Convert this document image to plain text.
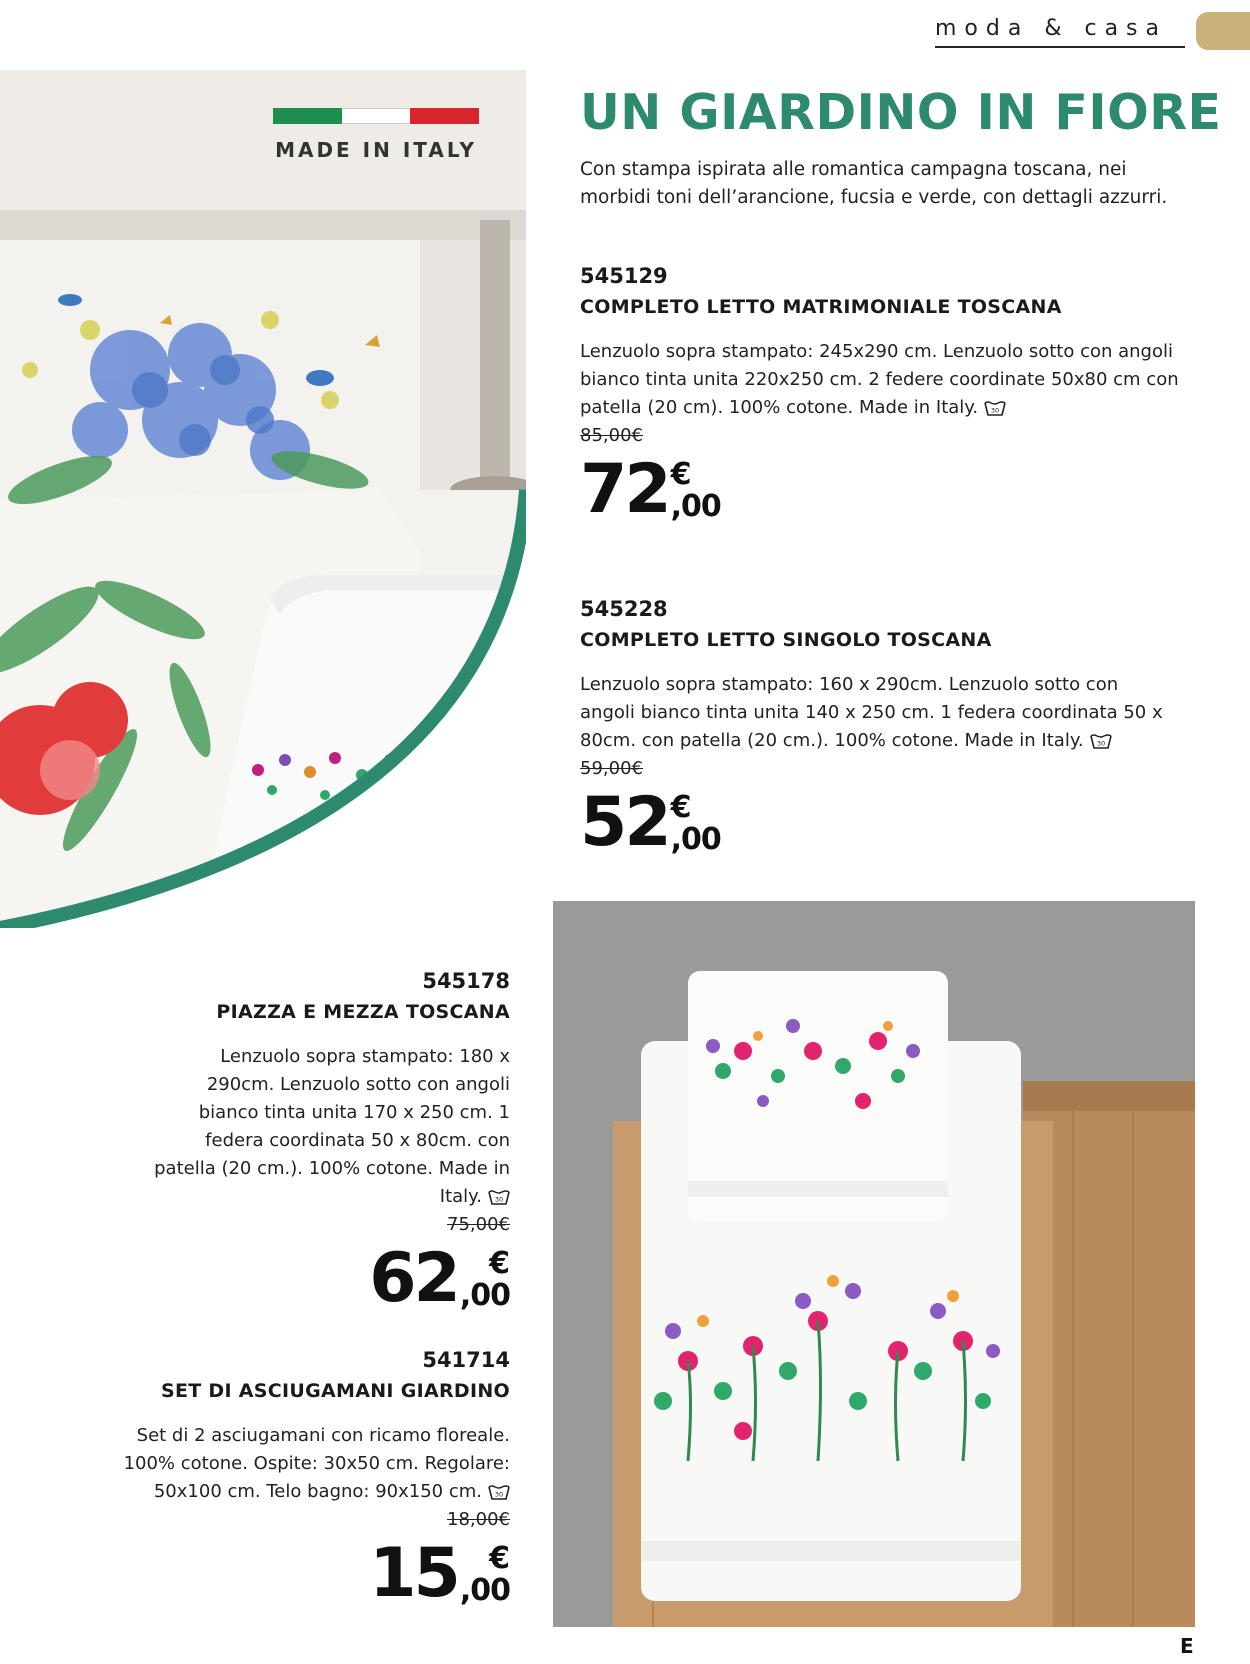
moda & casa
MADE IN ITALY
UN GIARDINO IN FIORE
Con stampa ispirata alle romantica campagna toscana, nei morbidi toni dell’arancione, fucsia e verde, con dettagli azzurri.
545129
COMPLETO LETTO MATRIMONIALE TOSCANA
Lenzuolo sopra stampato: 245x290 cm. Lenzuolo sotto con angoli bianco tinta unita 220x250 cm. 2 federe coordinate 50x80 cm con patella (20 cm). 100% cotone. Made in Italy. 30
85,00€
72 €
,00
545228
COMPLETO LETTO SINGOLO TOSCANA
Lenzuolo sopra stampato: 160 x 290cm. Lenzuolo sotto con angoli bianco tinta unita 140 x 250 cm. 1 federa coordinata 50 x 80cm. con patella (20 cm.). 100% cotone. Made in Italy. 30
59,00€
52 €
,00
545178
PIAZZA E MEZZA TOSCANA
Lenzuolo sopra stampato: 180 x 290cm. Lenzuolo sotto con angoli bianco tinta unita 170 x 250 cm. 1 federa coordinata 50 x 80cm. con patella (20 cm.). 100% cotone. Made in Italy. 30
75,00€
62	€
,00
541714
SET DI ASCIUGAMANI GIARDINO
Set di 2 asciugamani con ricamo floreale. 100% cotone. Ospite: 30x50 cm. Regolare: 50x100 cm. Telo bagno: 90x150 cm. 30
18,00€
15	€
,00
E
